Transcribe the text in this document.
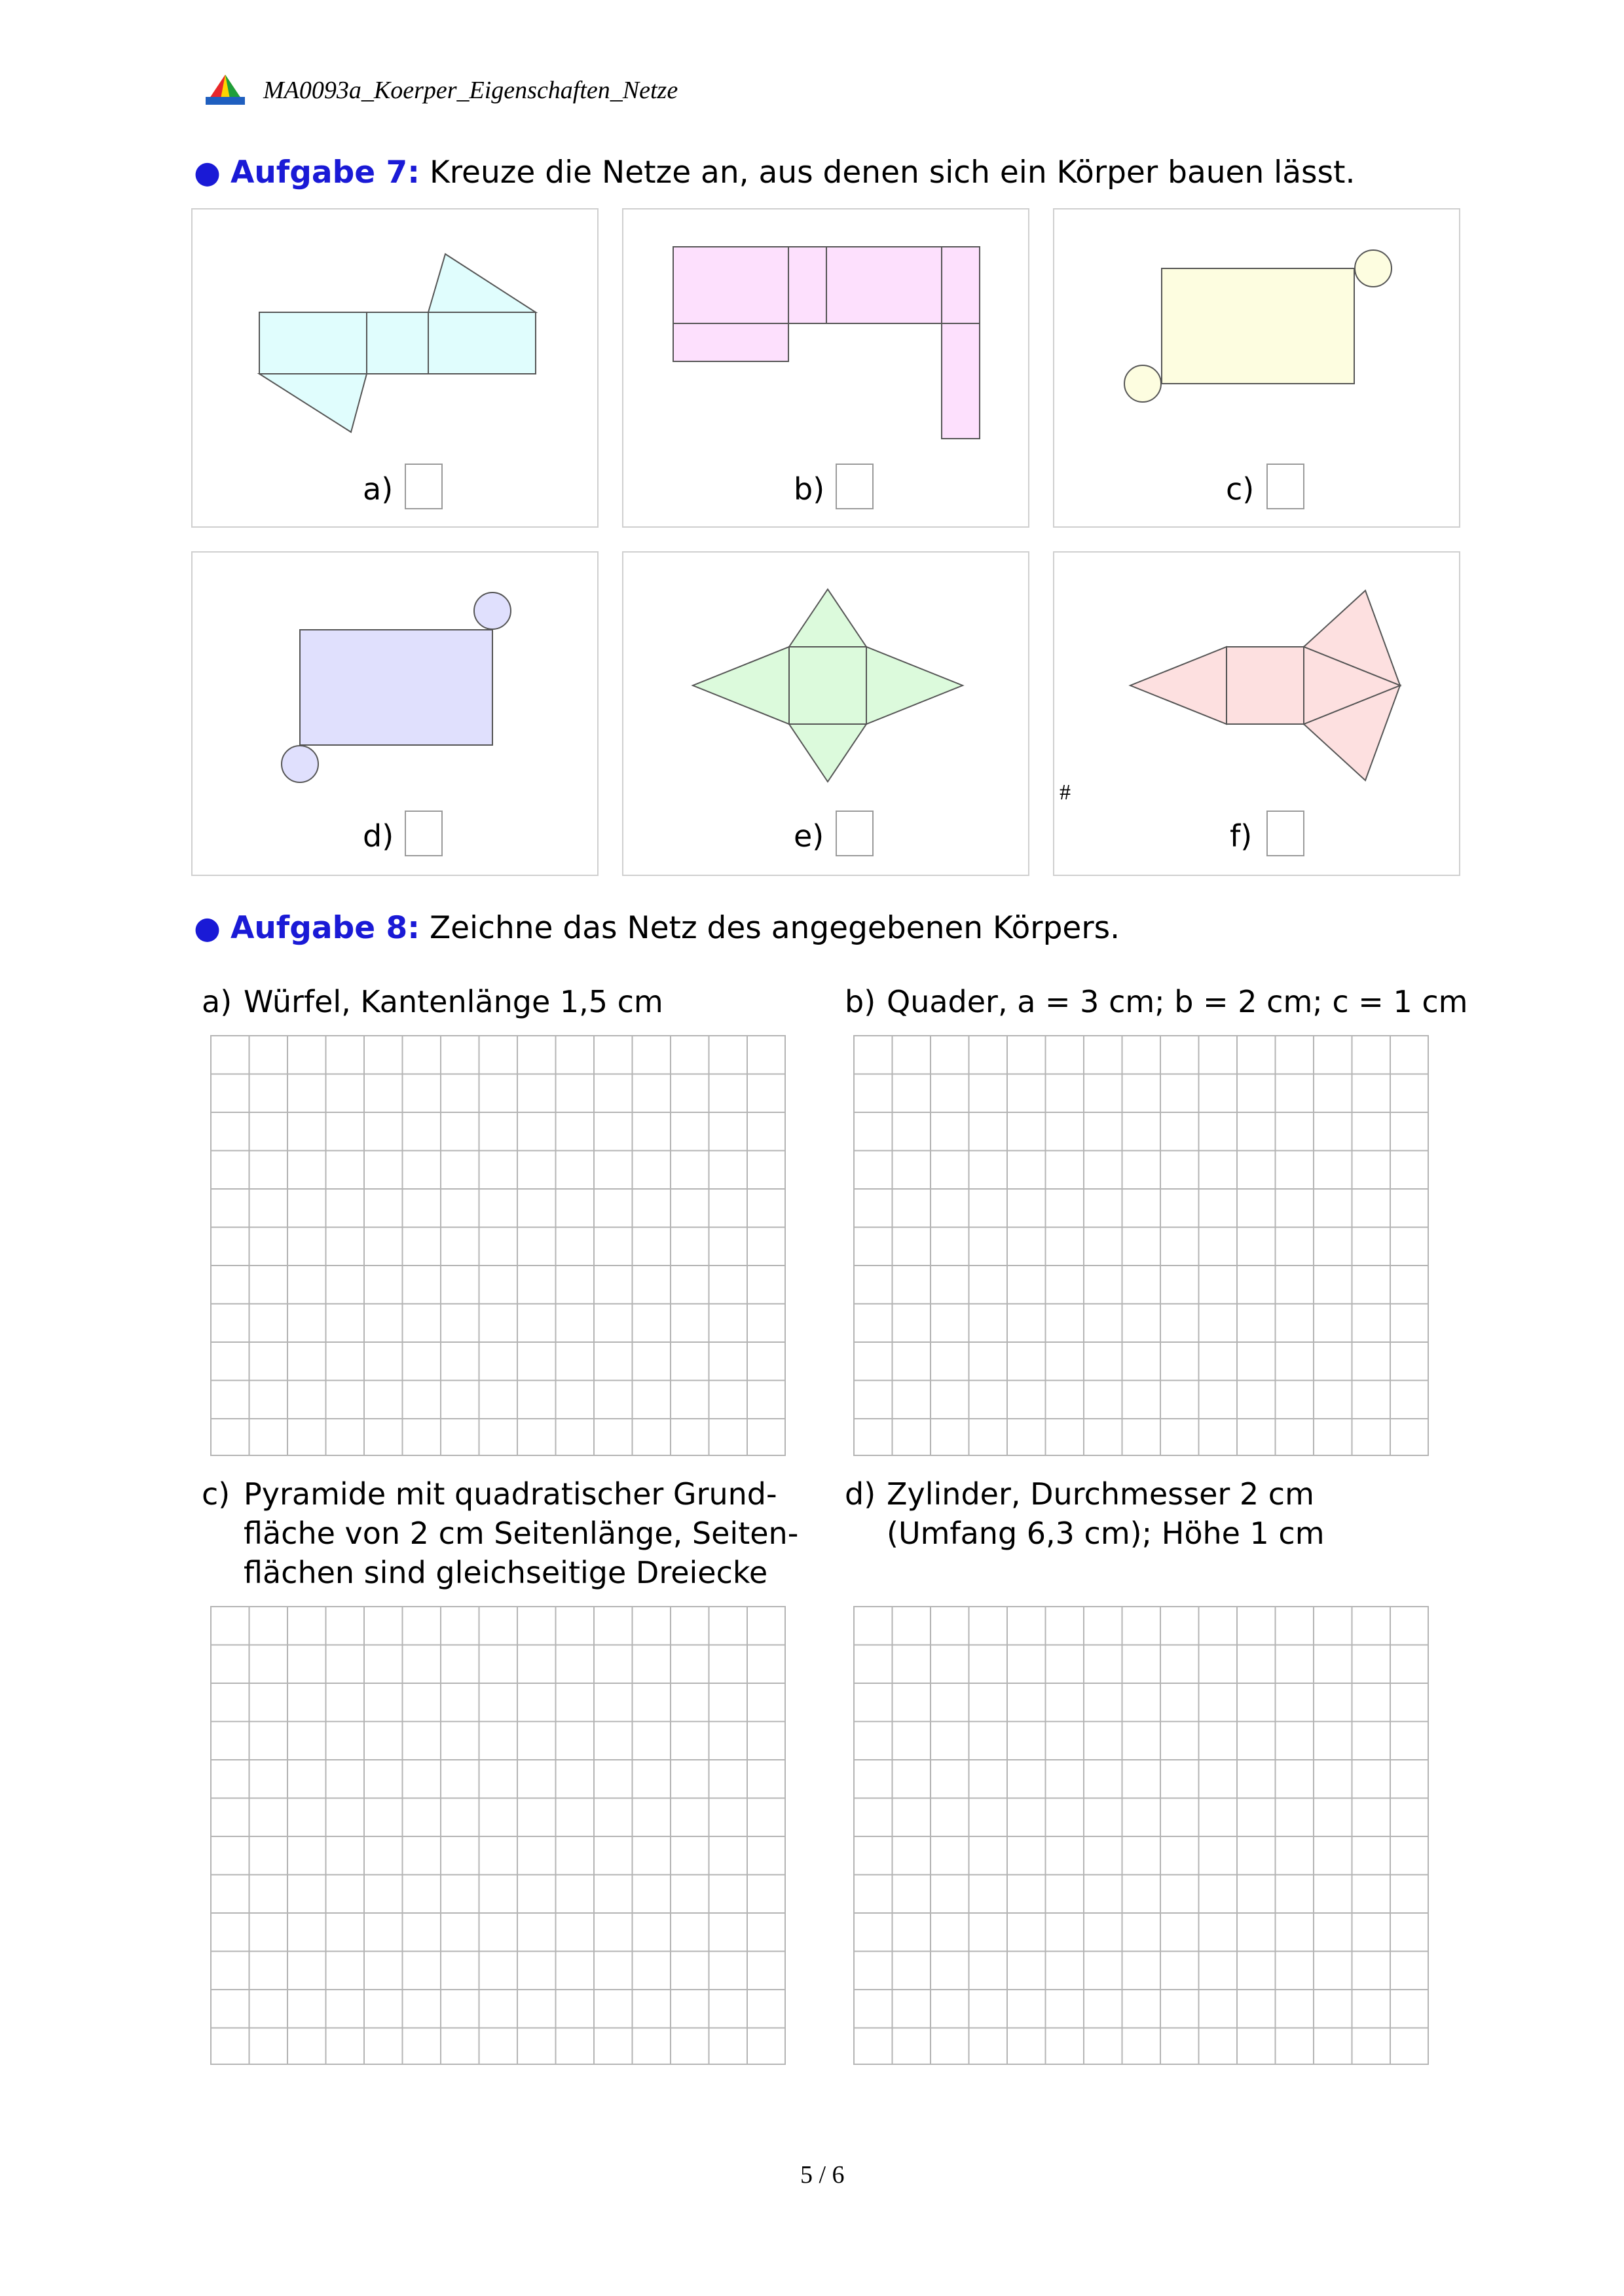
MA0093a_Koerper_Eigenschaften_Netze
● Aufgabe 7: Kreuze die Netze an, aus denen sich ein Körper bauen lässt.
a)	b)	c)
d)	e)
#
f)
● Aufgabe 8: Zeichne das Netz des angegebenen Körpers.
a) Würfel, Kantenlänge 1,5 cm	b) Quader, a = 3 cm; b = 2 cm; c = 1 cm
c) Pyramide mit quadratischer Grund-
fläche von 2 cm Seitenlänge, Seiten-
flächen sind gleichseitige Dreiecke
d) Zylinder, Durchmesser 2 cm
(Umfang 6,3 cm); Höhe 1 cm
5 / 6
